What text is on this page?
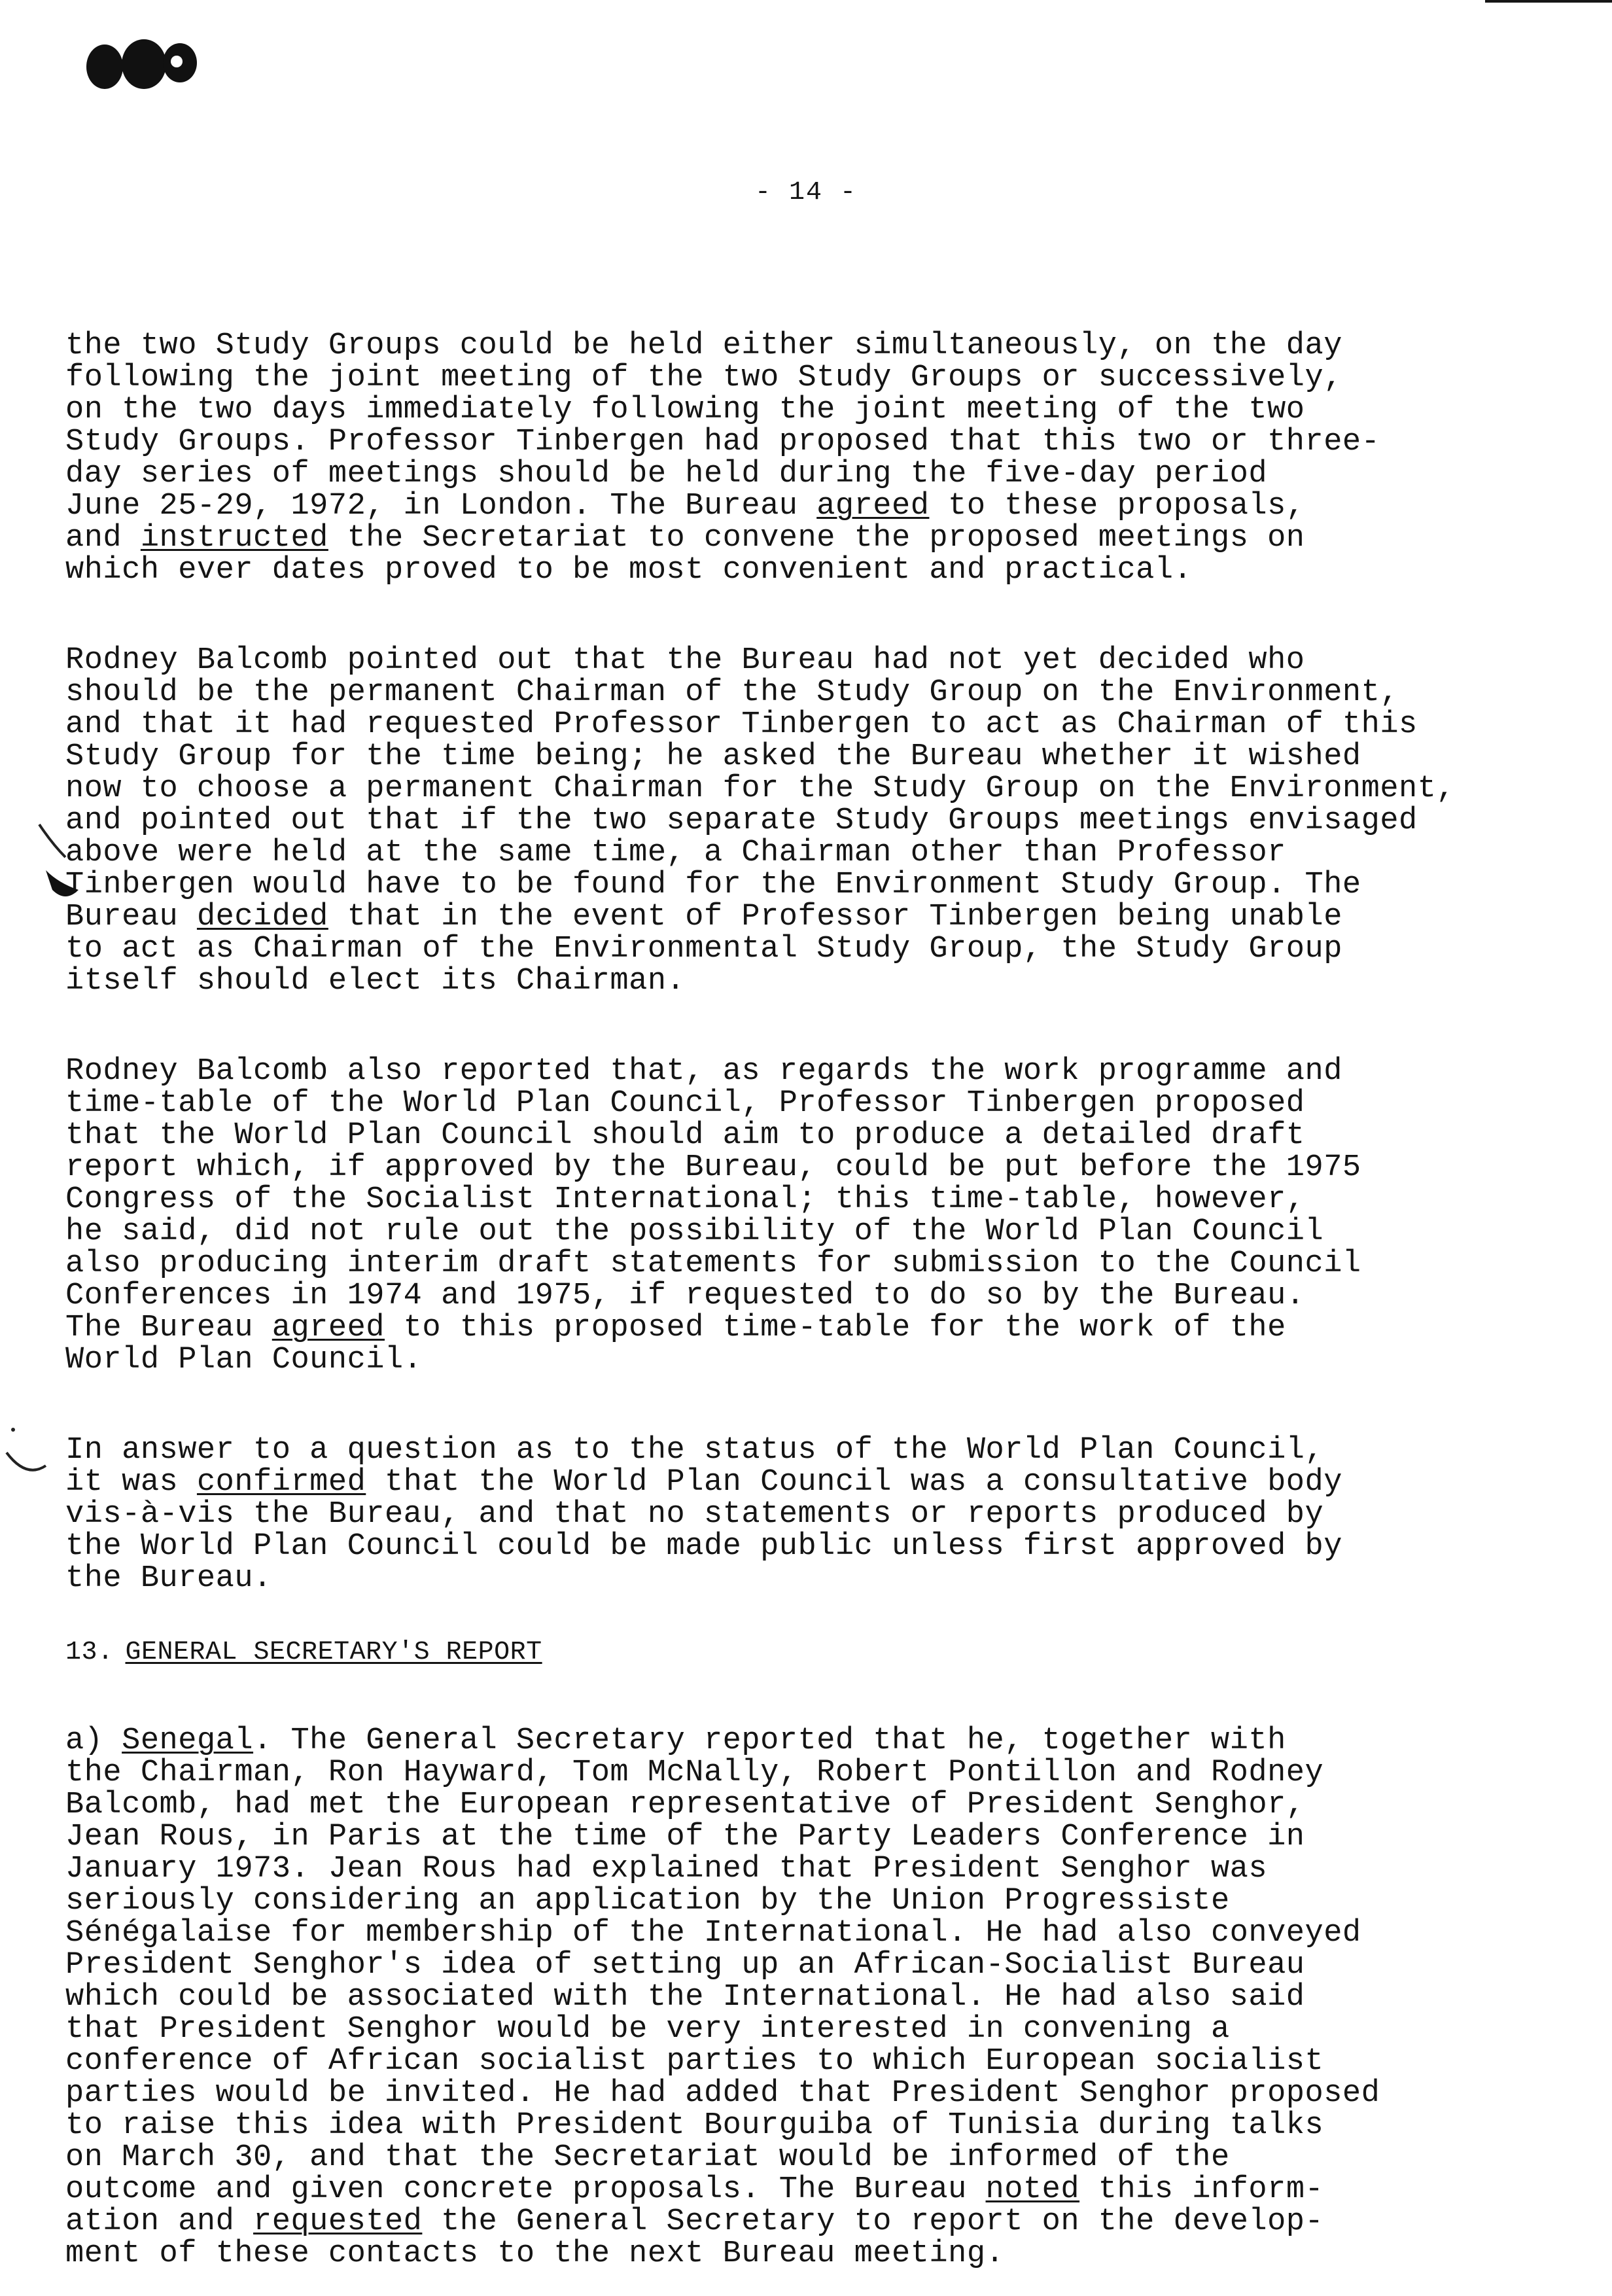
- 14 -

the two Study Groups could be held either simultaneously, on the day
following the joint meeting of the two Study Groups or successively,
on the two days immediately following the joint meeting of the two
Study Groups. Professor Tinbergen had proposed that this two or three-
day series of meetings should be held during the five-day period
June 25-29, 1972, in London. The Bureau agreed to these proposals,
and instructed the Secretariat to convene the proposed meetings on
which ever dates proved to be most convenient and practical.

Rodney Balcomb pointed out that the Bureau had not yet decided who
should be the permanent Chairman of the Study Group on the Environment,
and that it had requested Professor Tinbergen to act as Chairman of this
Study Group for the time being; he asked the Bureau whether it wished
now to choose a permanent Chairman for the Study Group on the Environment,
and pointed out that if the two separate Study Groups meetings envisaged
above were held at the same time, a Chairman other than Professor
Tinbergen would have to be found for the Environment Study Group. The
Bureau decided that in the event of Professor Tinbergen being unable
to act as Chairman of the Environmental Study Group, the Study Group
itself should elect its Chairman.

Rodney Balcomb also reported that, as regards the work programme and
time-table of the World Plan Council, Professor Tinbergen proposed
that the World Plan Council should aim to produce a detailed draft
report which, if approved by the Bureau, could be put before the 1975
Congress of the Socialist International; this time-table, however,
he said, did not rule out the possibility of the World Plan Council
also producing interim draft statements for submission to the Council
Conferences in 1974 and 1975, if requested to do so by the Bureau.
The Bureau agreed to this proposed time-table for the work of the
World Plan Council.

In answer to a question as to the status of the World Plan Council,
it was confirmed that the World Plan Council was a consultative body
vis-à-vis the Bureau, and that no statements or reports produced by
the World Plan Council could be made public unless first approved by
the Bureau.

13. GENERAL SECRETARY'S REPORT

a) Senegal. The General Secretary reported that he, together with
the Chairman, Ron Hayward, Tom McNally, Robert Pontillon and Rodney
Balcomb, had met the European representative of President Senghor,
Jean Rous, in Paris at the time of the Party Leaders Conference in
January 1973. Jean Rous had explained that President Senghor was
seriously considering an application by the Union Progressiste
Sénégalaise for membership of the International. He had also conveyed
President Senghor's idea of setting up an African-Socialist Bureau
which could be associated with the International. He had also said
that President Senghor would be very interested in convening a
conference of African socialist parties to which European socialist
parties would be invited. He had added that President Senghor proposed
to raise this idea with President Bourguiba of Tunisia during talks
on March 30, and that the Secretariat would be informed of the
outcome and given concrete proposals. The Bureau noted this inform-
ation and requested the General Secretary to report on the develop-
ment of these contacts to the next Bureau meeting.
